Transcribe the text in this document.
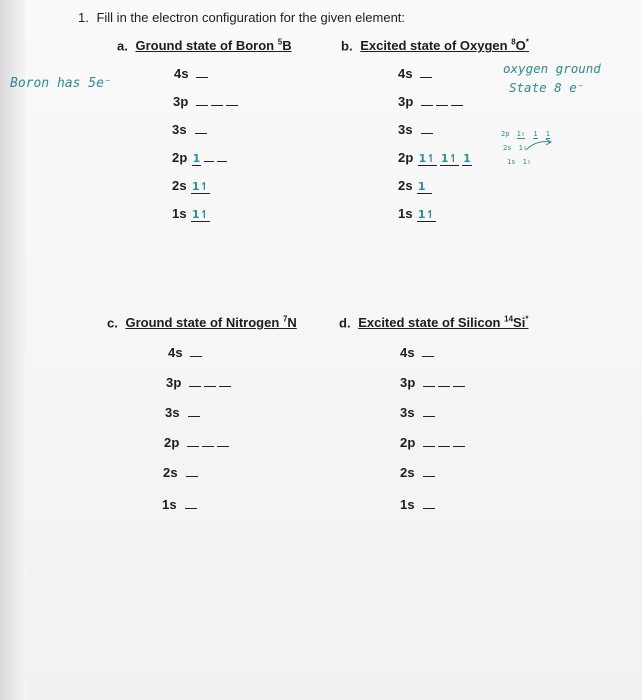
1. Fill in the electron configuration for the given element:
a. Ground state of Boron $^5$B	b. Excited state of Oxygen $^8$O*
Boron has 5e⁻
oxygen ground
State 8 e⁻
2p 1↿ 1 1
2s 1↿
1s 1↿
4s
3p
3s
2p 1
2s 1↿
1s 1↿
4s
3p
3s
2p 1↿ 1↿ 1
2s 1
1s 1↿
c. Ground state of Nitrogen $^7$N	d. Excited state of Silicon $^{14}$Si*
4s
3p
3s
2p
2s
1s
4s
3p
3s
2p
2s
1s
